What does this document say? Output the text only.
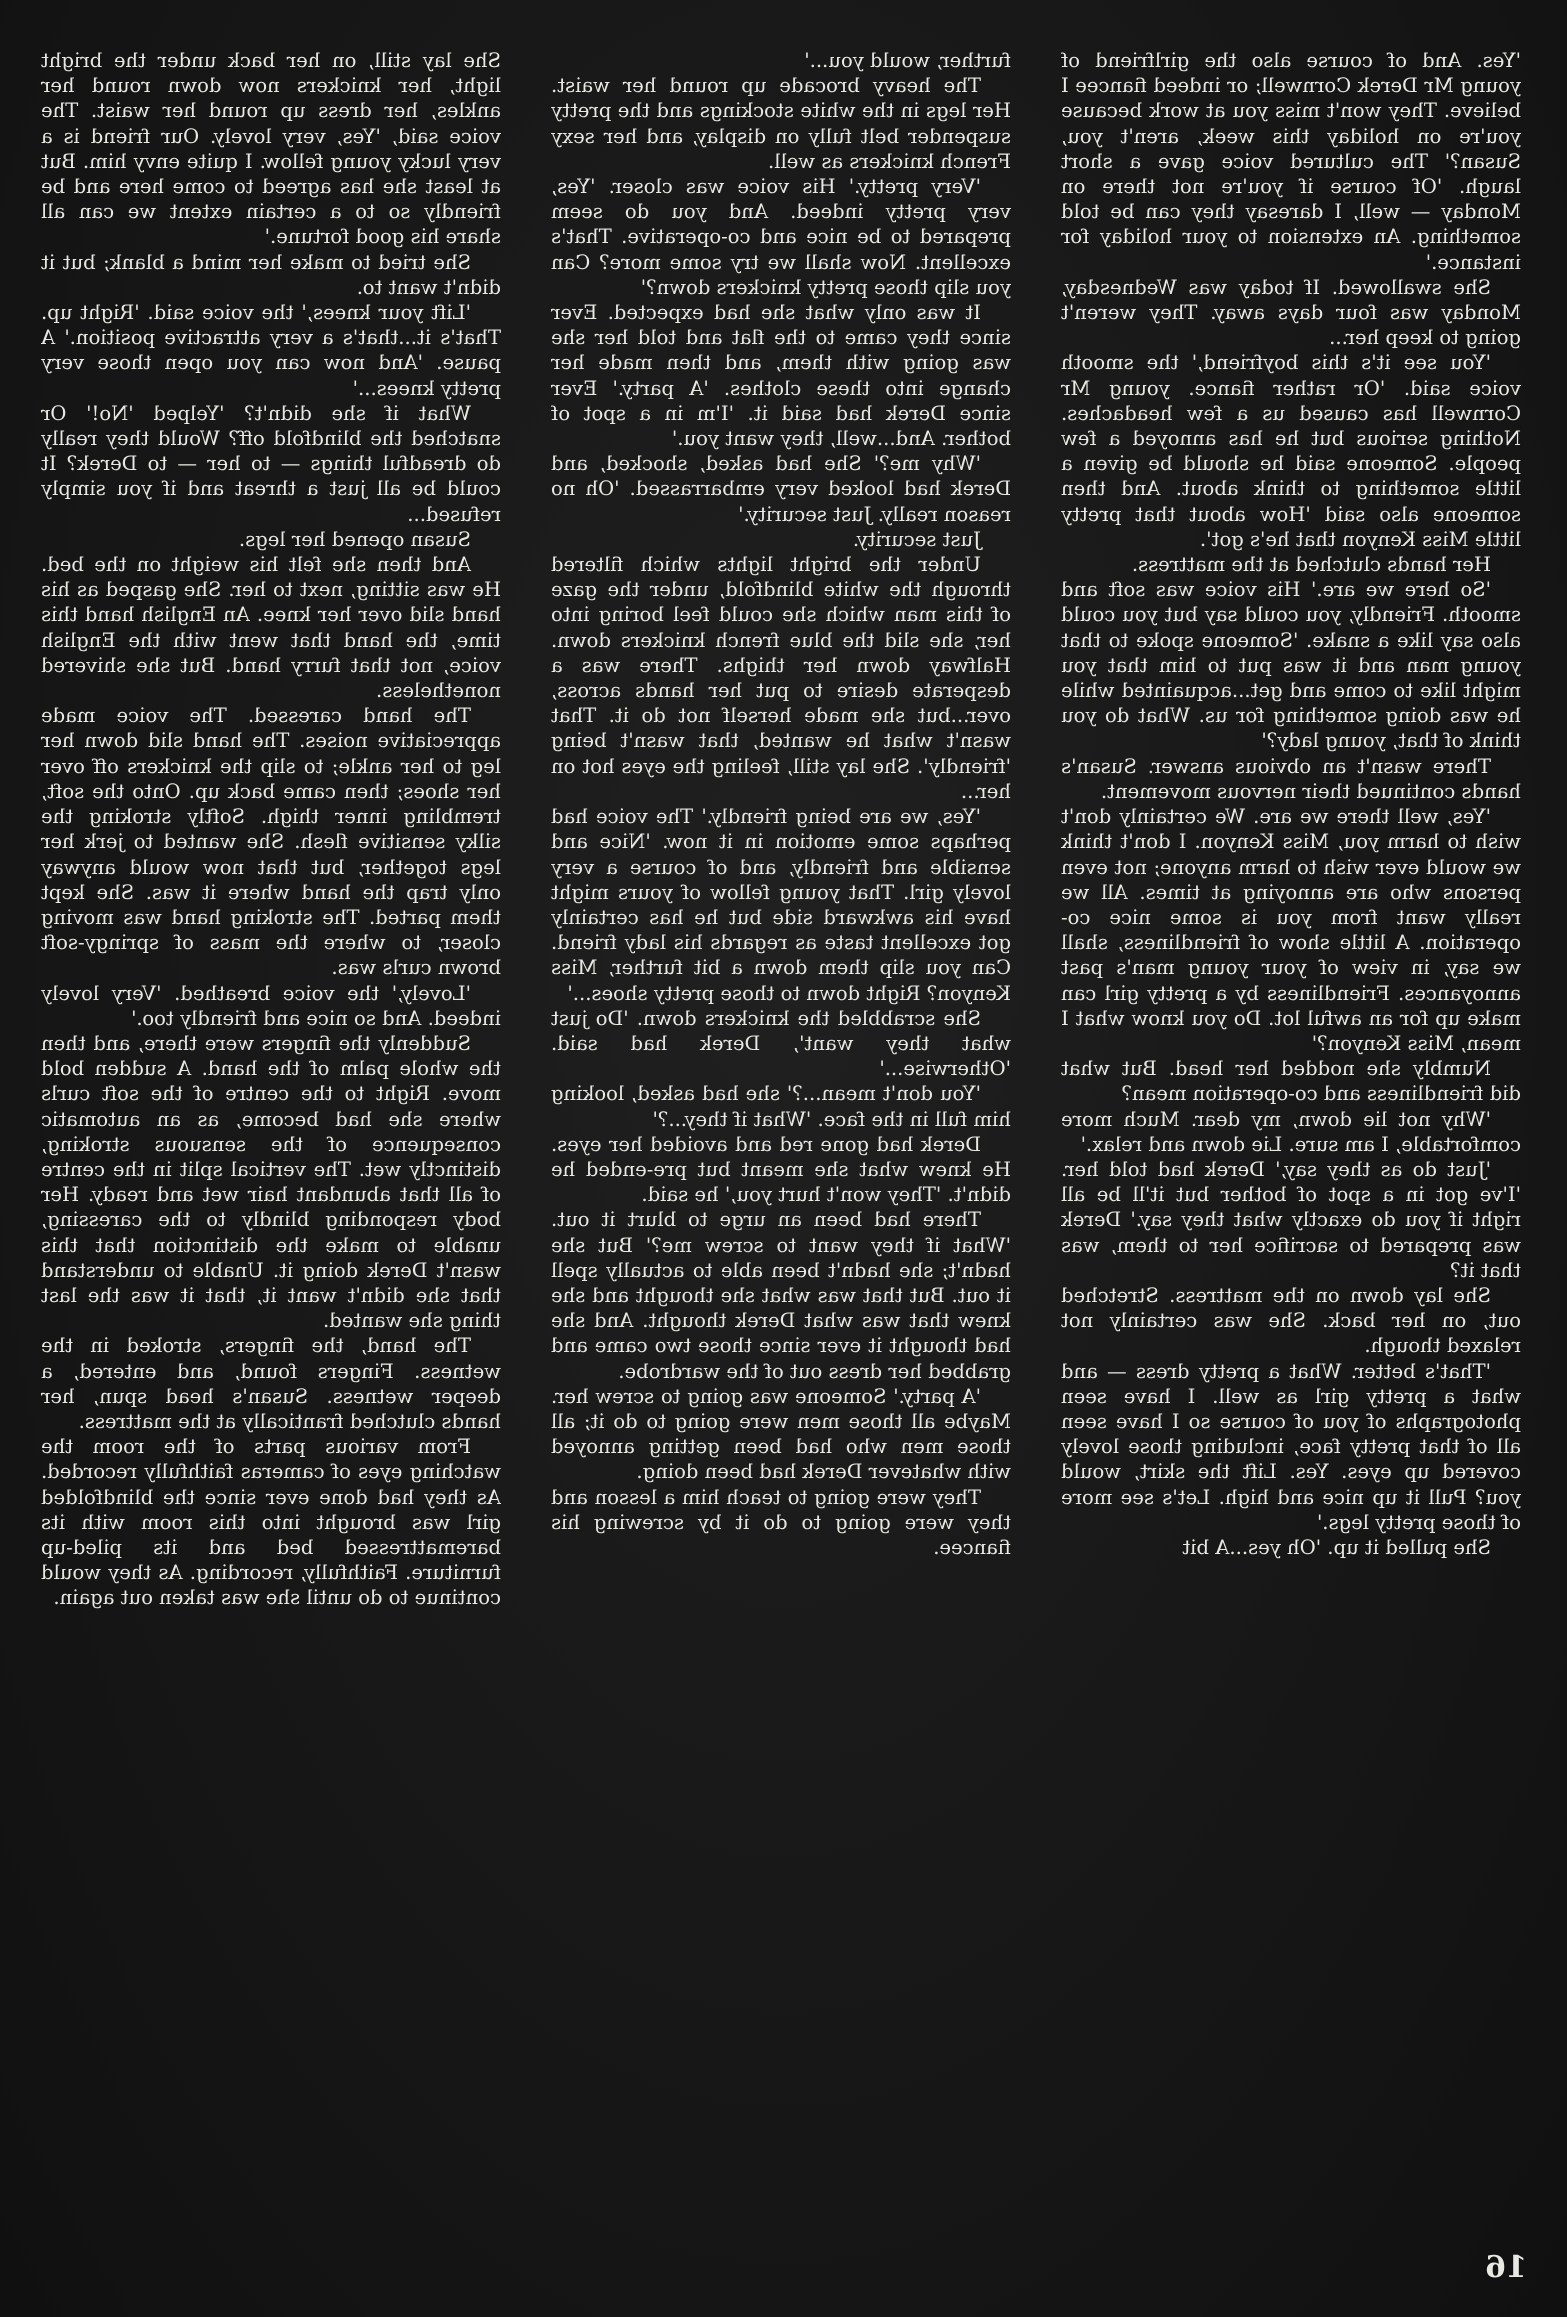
'Yes. And of course also the girlfriend of young Mr Derek Cornwell; or indeed fiancee I believe. They won't miss you at work because you're on holiday this week, aren't you, Susan?' The cultured voice gave a short laugh. 'Of course if you're not there on Monday — well, I daresay they can be told something. An extension to your holiday for instance.'

She swallowed. If today was Wednesday, Monday was four days away. They weren't going to keep her...

'You see it's this boyfriend,' the smooth voice said. 'Or rather fiance. young Mr Cornwell has caused us a few headaches. Nothing serious but he has annoyed a few people. Someone said he should be given a little something to think about. And then someone also said 'How about that pretty little Miss Kenyon that he's got'.

Her hands clutched at the mattress.

'So here we are.' His voice was soft and smooth. Friendly, you could say but you could also say like a snake. 'Someone spoke to that young man and it was put to him that you might like to come and get...acquainted while he was doing something for us. What do you think of that, young lady?'

There wasn't an obvious answer. Susan's hands continued their nervous movement.

'Yes, well there we are. We certainly don't wish to harm you, Miss Kenyon. I don't think we would ever wish to harm anyone; not even persons who are annoying at times. All we really want from you is some nice co-operation. A little show of friendliness, shall we say, in view of your young man's past annoyances. Friendliness by a pretty girl can make up for an awful lot. Do you know what I mean, Miss Kenyon?'

Numbly she nodded her head. But what did friendliness and co-operation mean?

'Why not lie down, my dear. Much more comfortable, I am sure. Lie down and relax.'

'Just do as they say,' Derek had told her. 'I've got in a spot of bother but it'll be all right if you do exactly what they say.' Derek was prepared to sacrifice her to them, was that it?

She lay down on the mattress. Stretched out, on her back. She was certainly not relaxed though.

'That's better. What a pretty dress — and what a pretty girl as well. I have seen photographs of you of course so I have seen all of that pretty face, including those lovely covered up eyes. Yes. Lift the skirt, would you? Pull it up nice and high. Let's see more of those pretty legs.'

She pulled it up. 'Oh yes...A bit

further, would you...'

The heavy brocade up round her waist. Her legs in the white stockings and the pretty suspender belt fully on display, and her sexy French knickers as well.

'Very pretty.' His voice was closer. 'Yes, very pretty indeed. And you do seem prepared to be nice and co-operative. That's excellent. Now shall we try some more? Can you slip those pretty knickers down?'

It was only what she had expected. Ever since they came to the flat and told her she was going with them, and then made her change into these clothes. 'A party.' Ever since Derek had said it. 'I'm in a spot of bother. And...well, they want you.'

'Why me?' She had asked, shocked, and Derek had looked very embarrassed. 'Oh no reason really. Just security.'

Just security.

Under the bright lights which filtered through the white blindfold, under the gaze of this man which she could feel boring into her, she slid the blue french knickers down. Halfway down her thighs. There was a desperate desire to put her hands across, over...but she made herself not do it. That wasn't what he wanted, that wasn't being 'friendly'. She lay still, feeling the eyes hot on her...

'Yes, we are being friendly.' The voice had perhaps some emotion in it now. 'Nice and sensible and friendly, and of course a very lovely girl. That young fellow of yours might have his awkward side but he has certainly got excellent taste as regards his lady friend. Can you slip them down a bit further, Miss Kenyon? Right down to those pretty shoes...'

She scrabbled the knickers down. 'Do just what they want', Derek had said. 'Otherwise...'

'You don't mean...?' she had asked, looking him full in the face. 'What if they...?'

Derek had gone red and avoided her eyes. He knew what she meant but pre-ended he didn't. 'They won't hurt you,' he said.

There had been an urge to blurt it out. 'What if they want to screw me?' But she hadn't; she hadn't been able to actually spell it out. But that was what she thought and she knew that was what Derek thought. And she had thought it ever since those two came and grabbed her dress out of the wardrobe.

'A party.' Someone was going to screw her. Maybe all those men were going to do it; all those men who had been getting annoyed with whatever Derek had been doing.

They were going to teach him a lesson and they were going to do it by screwing his fiancee.

She lay still, on her back under the bright light, her knickers now down round her ankles, her dress up round her waist. The voice said, 'Yes, very lovely. Our friend is a very lucky young fellow. I quite envy him. But at least she has agreed to come here and be friendly so to a certain extent we can all share his good fortune.'

She tried to make her mind a blank; but it didn't want to.

'Lift your knees,' the voice said. 'Right up. That's it...that's a very attractive position.' A pause. 'And now can you open those very pretty knees...'

What if she didn't? 'Yelped 'No!' Or snatched the blindfold off? Would they really do dreadful things — to her — to Derek? It could be all just a threat and if you simply refused...

Susan opened her legs.

And then she felt his weight on the bed. He was sitting, next to her. She gasped as his hand slid over her knee. An English hand this time, the hand that went with the English voice, not that furry hand. But she shivered nonetheless.

The hand caressed. The voice made appreciative noises. The hand slid down her leg to her ankle; to slip the knickers off over her shoes; then came back up. Onto the soft, trembling inner thigh. Softly stroking the silky sensitive flesh. She wanted to jerk her legs together, but that now would anyway only trap the hand where it was. She kept them parted. The stroking hand was moving closer, to where the mass of springy-soft brown curls was.

'Lovely,' the voice breathed. 'Very lovely indeed. And so nice and friendly too.'

Suddenly the fingers were there, and then the whole palm of the hand. A sudden bold move. Right to the centre of the soft curls where she had become, as an automatic consequence of the sensuous stroking, distinctly wet. The vertical split in the centre of all that abundant hair wet and ready. Her body responding blindly to the caressing, unable to make the distinction that this wasn't Derek doing it. Unable to understand that she didn't want it, that it was the last thing she wanted.

The hand, the fingers, stroked in the wetness. Fingers found, and entered, a deeper wetness. Susan's head spun, her hands clutched frantically at the mattress.

From various parts of the room the watching eyes of cameras faithfully recorded. As they had done ever since the blindfolded girl was brought into this room with its baremattressed bed and its piled-up furniture. Faithfully, recording. As they would continue to do until she was taken out again.

16
